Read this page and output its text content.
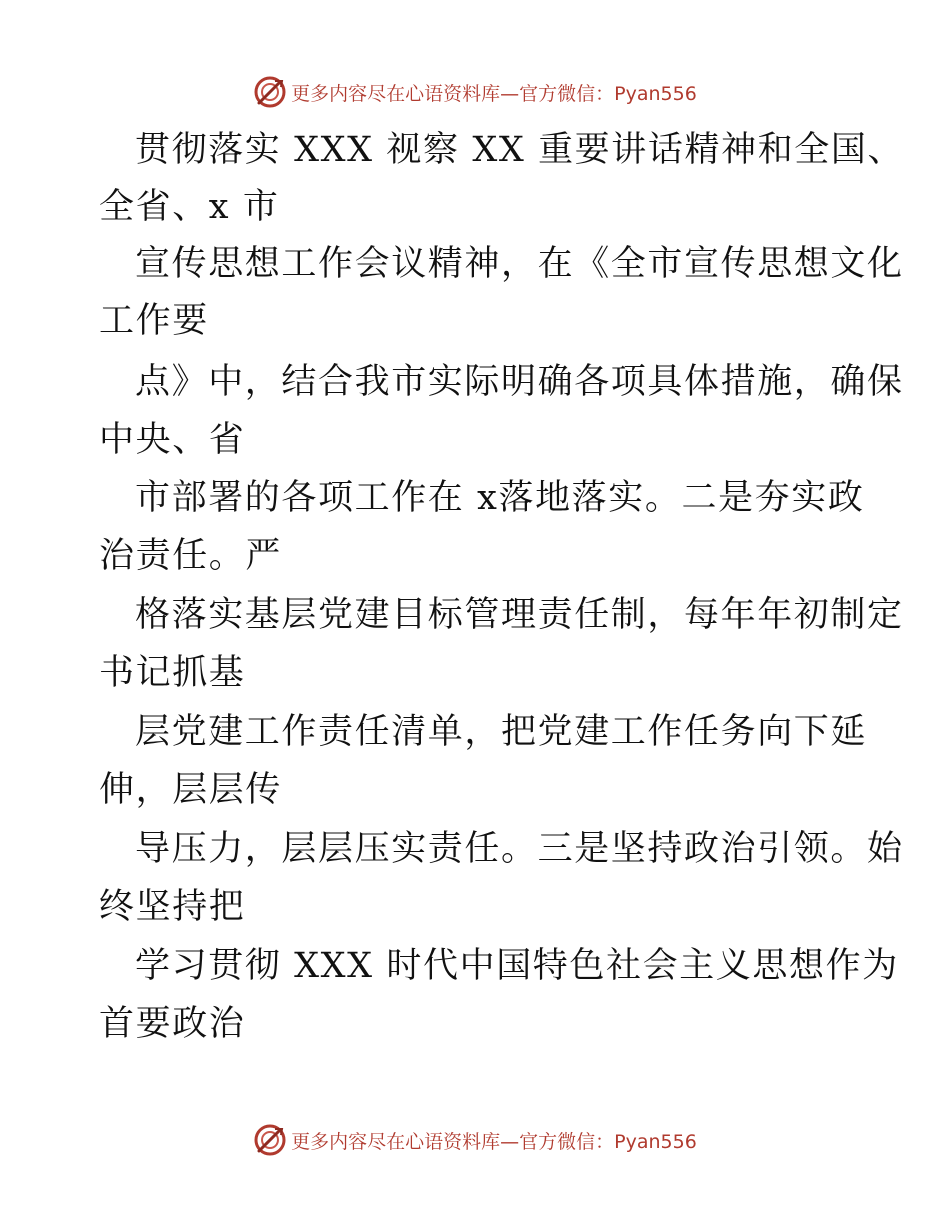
更多内容尽在心语资料库—官方微信：Pyan556
贯彻落实 XXX 视察 XX 重要讲话精神和全国、
全省、x 市
宣传思想工作会议精神，在《全市宣传思想文化
工作要
点》中，结合我市实际明确各项具体措施，确保
中央、省
市部署的各项工作在 x落地落实。二是夯实政
治责任。严
格落实基层党建目标管理责任制，每年年初制定
书记抓基
层党建工作责任清单，把党建工作任务向下延
伸，层层传
导压力，层层压实责任。三是坚持政治引领。始
终坚持把
学习贯彻 XXX 时代中国特色社会主义思想作为
首要政治
更多内容尽在心语资料库—官方微信：Pyan556
